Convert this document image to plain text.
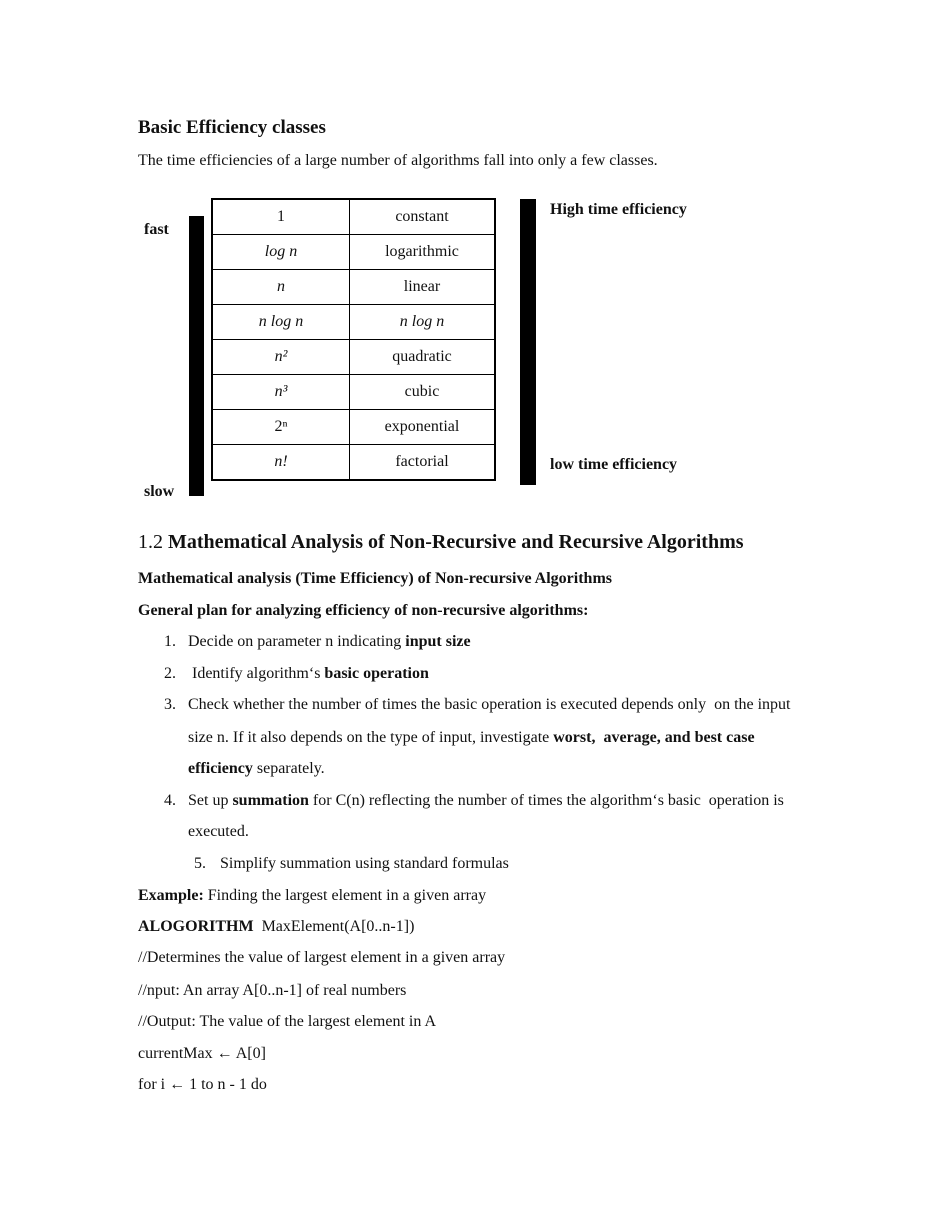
Basic Efficiency classes
The time efficiencies of a large number of algorithms fall into only a few classes.
fast
slow
1	constant
log n	logarithmic
n	linear
n log n	n log n
n²	quadratic
n³	cubic
2ⁿ	exponential
n!	factorial
High time efficiency
low time efficiency
1.2 Mathematical Analysis of Non-Recursive and Recursive Algorithms
Mathematical analysis (Time Efficiency) of Non-recursive Algorithms
General plan for analyzing efficiency of non-recursive algorithms:
1. Decide on parameter n indicating input size
2. Identify algorithm‘s basic operation
3. Check whether the number of times the basic operation is executed depends only  on the input
size n. If it also depends on the type of input, investigate worst,  average, and best case
efficiency separately.
4. Set up summation for C(n) reflecting the number of times the algorithm‘s basic  operation is
executed.
5. Simplify summation using standard formulas
Example: Finding the largest element in a given array
ALOGORITHM  MaxElement(A[0..n-1])
//Determines the value of largest element in a given array
//nput: An array A[0..n-1] of real numbers
//Output: The value of the largest element in A
currentMax ← A[0]
for i ← 1 to n - 1 do
